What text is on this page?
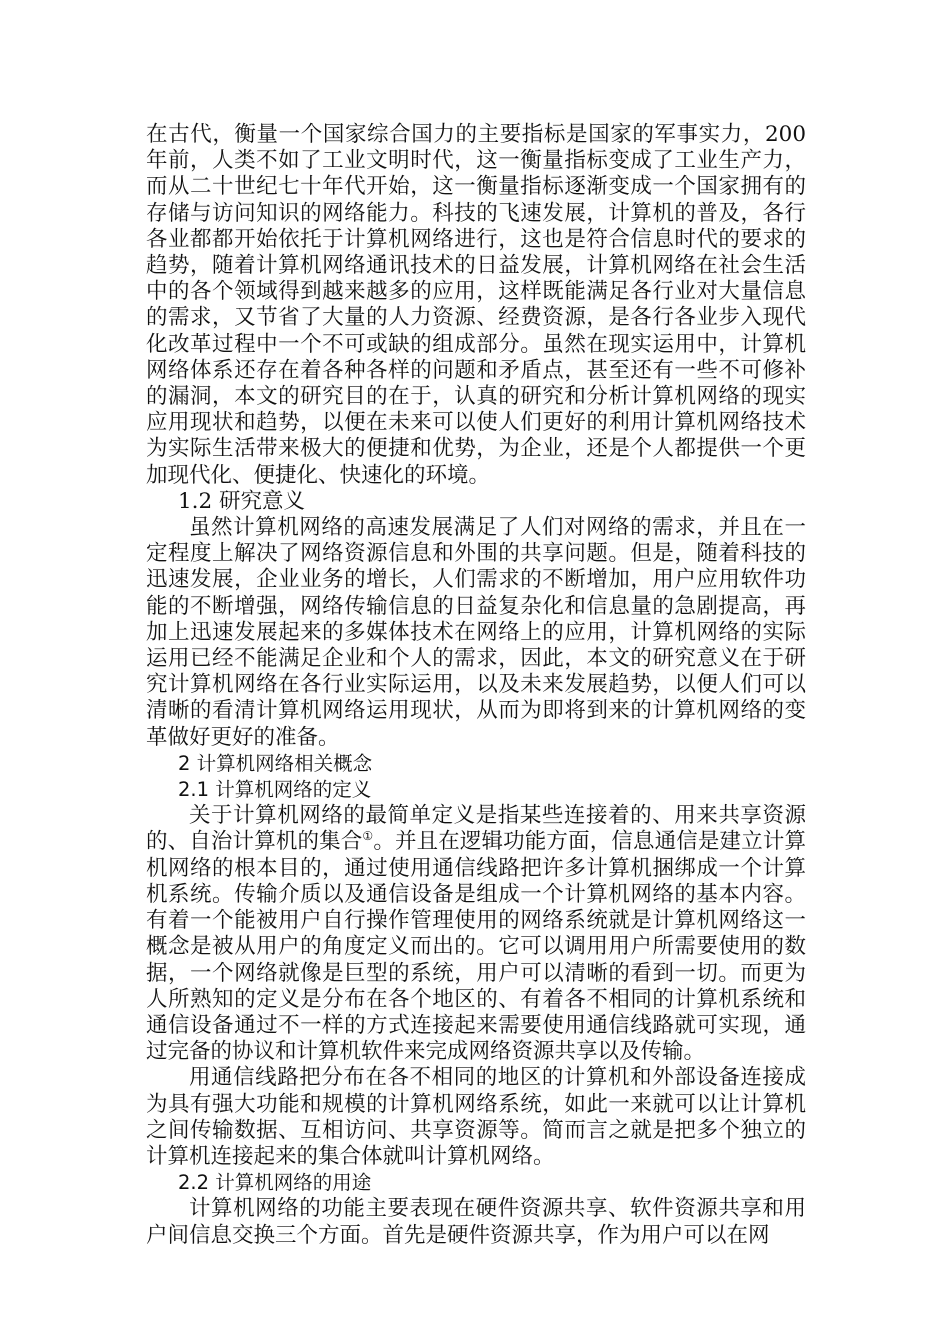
在古代，衡量一个国家综合国力的主要指标是国家的军事实力，200年前，人类不如了工业文明时代，这一衡量指标变成了工业生产力，而从二十世纪七十年代开始，这一衡量指标逐渐变成一个国家拥有的存储与访问知识的网络能力。科技的飞速发展，计算机的普及，各行各业都都开始依托于计算机网络进行，这也是符合信息时代的要求的趋势，随着计算机网络通讯技术的日益发展，计算机网络在社会生活中的各个领域得到越来越多的应用，这样既能满足各行业对大量信息的需求，又节省了大量的人力资源、经费资源，是各行各业步入现代化改革过程中一个不可或缺的组成部分。虽然在现实运用中，计算机网络体系还存在着各种各样的问题和矛盾点，甚至还有一些不可修补的漏洞，本文的研究目的在于，认真的研究和分析计算机网络的现实应用现状和趋势，以便在未来可以使人们更好的利用计算机网络技术为实际生活带来极大的便捷和优势，为企业，还是个人都提供一个更加现代化、便捷化、快速化的环境。

1.2 研究意义

虽然计算机网络的高速发展满足了人们对网络的需求，并且在一定程度上解决了网络资源信息和外围的共享问题。但是，随着科技的迅速发展，企业业务的增长，人们需求的不断增加，用户应用软件功能的不断增强，网络传输信息的日益复杂化和信息量的急剧提高，再加上迅速发展起来的多媒体技术在网络上的应用，计算机网络的实际运用已经不能满足企业和个人的需求，因此，本文的研究意义在于研究计算机网络在各行业实际运用，以及未来发展趋势，以便人们可以清晰的看清计算机网络运用现状，从而为即将到来的计算机网络的变革做好更好的准备。

2 计算机网络相关概念

2.1 计算机网络的定义

关于计算机网络的最简单定义是指某些连接着的、用来共享资源的、自治计算机的集合①。并且在逻辑功能方面，信息通信是建立计算机网络的根本目的，通过使用通信线路把许多计算机捆绑成一个计算机系统。传输介质以及通信设备是组成一个计算机网络的基本内容。有着一个能被用户自行操作管理使用的网络系统就是计算机网络这一概念是被从用户的角度定义而出的。它可以调用用户所需要使用的数据，一个网络就像是巨型的系统，用户可以清晰的看到一切。而更为人所熟知的定义是分布在各个地区的、有着各不相同的计算机系统和通信设备通过不一样的方式连接起来需要使用通信线路就可实现，通过完备的协议和计算机软件来完成网络资源共享以及传输。

用通信线路把分布在各不相同的地区的计算机和外部设备连接成为具有强大功能和规模的计算机网络系统，如此一来就可以让计算机之间传输数据、互相访问、共享资源等。简而言之就是把多个独立的计算机连接起来的集合体就叫计算机网络。

2.2 计算机网络的用途

计算机网络的功能主要表现在硬件资源共享、软件资源共享和用户间信息交换三个方面。首先是硬件资源共享，作为用户可以在网
